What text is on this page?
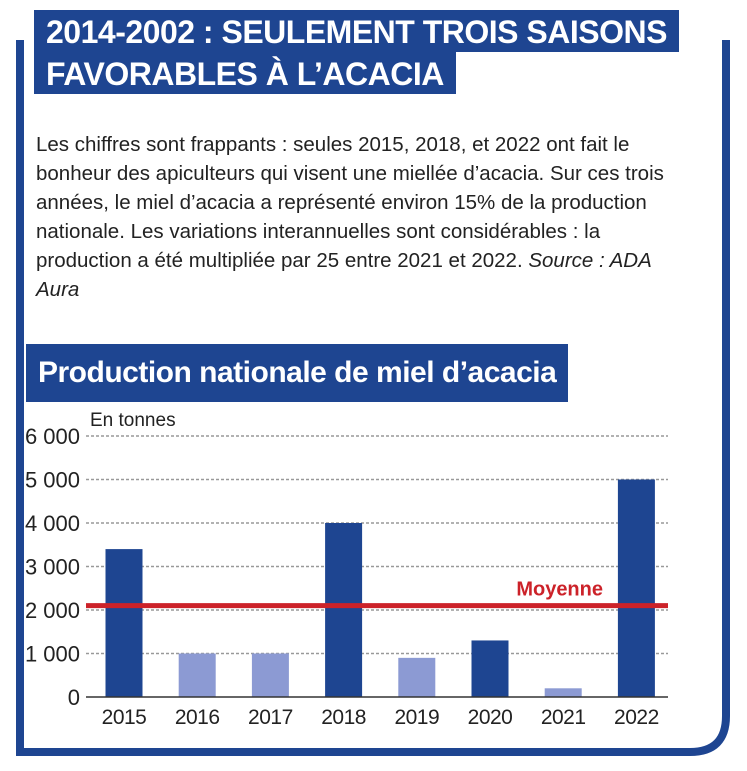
2014-2002 : SEULEMENT TROIS SAISONS
FAVORABLES À L’ACACIA

Les chiffres sont frappants : seules 2015, 2018, et 2022 ont fait le bonheur des apiculteurs qui visent une miellée d’acacia. Sur ces trois années, le miel d’acacia a représenté environ 15% de la production nationale. Les variations interannuelles sont considérables : la production a été multipliée par 25 entre 2021 et 2022. Source : ADA Aura

Production nationale de miel d’acacia
En tonnes
0
1 000
2 000
3 000
4 000
5 000
6 000
2015 2016 2017 2018 2019 2020 2021 2022
Moyenne
